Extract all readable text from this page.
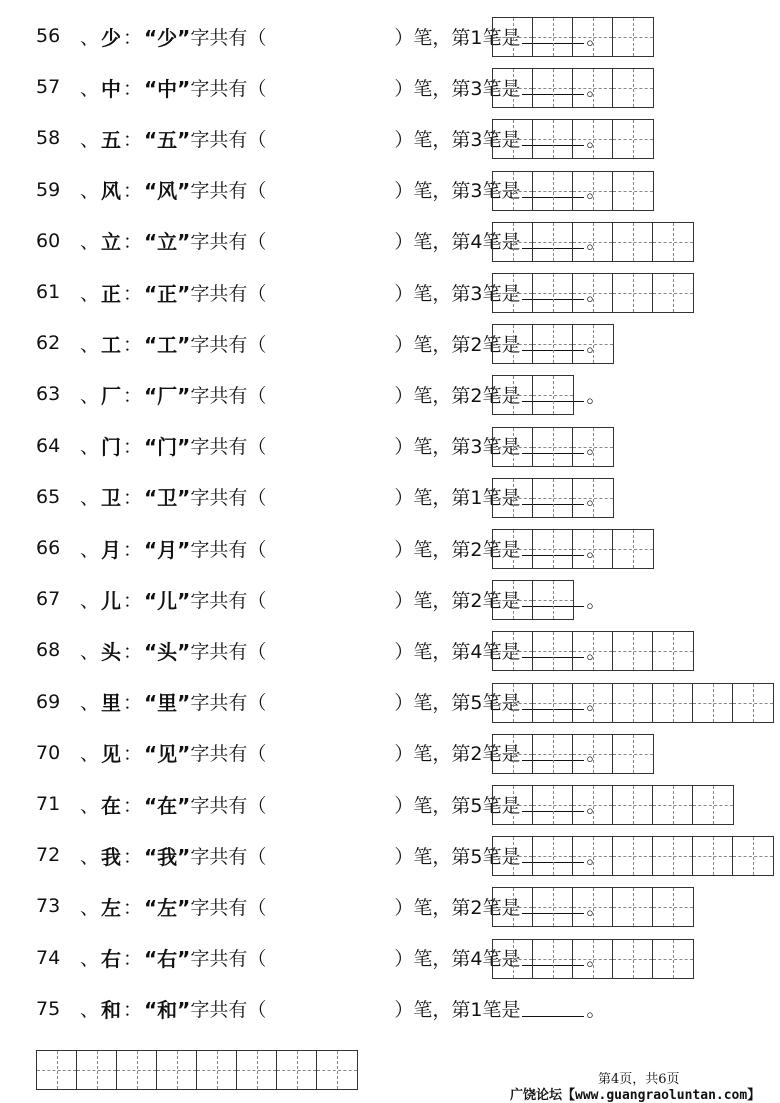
56	、 少 ： “少” 字共有（	）笔， 第1笔是	。
57	、 中 ： “中” 字共有（	）笔， 第3笔是	。
58	、 五 ： “五” 字共有（	）笔， 第3笔是	。
59	、 风 ： “风” 字共有（	）笔， 第3笔是	。
60	、 立 ： “立” 字共有（	）笔， 第4笔是	。
61	、 正 ： “正” 字共有（	）笔， 第3笔是	。
62	、 工 ： “工” 字共有（	）笔， 第2笔是	。
63	、 厂 ： “厂” 字共有（	）笔， 第2笔是	。
64	、 门 ： “门” 字共有（	）笔， 第3笔是	。
65	、 卫 ： “卫” 字共有（	）笔， 第1笔是	。
66	、 月 ： “月” 字共有（	）笔， 第2笔是	。
67	、 儿 ： “儿” 字共有（	）笔， 第2笔是	。
68	、 头 ： “头” 字共有（	）笔， 第4笔是	。
69	、 里 ： “里” 字共有（	）笔， 第5笔是	。
70	、 见 ： “见” 字共有（	）笔， 第2笔是	。
71	、 在 ： “在” 字共有（	）笔， 第5笔是	。
72	、 我 ： “我” 字共有（	）笔， 第5笔是	。
73	、 左 ： “左” 字共有（	）笔， 第2笔是	。
74	、 右 ： “右” 字共有（	）笔， 第4笔是	。
75	、 和 ： “和” 字共有（	）笔， 第1笔是	。
第4页，共6页
广饶论坛【www.guangraoluntan.com】
